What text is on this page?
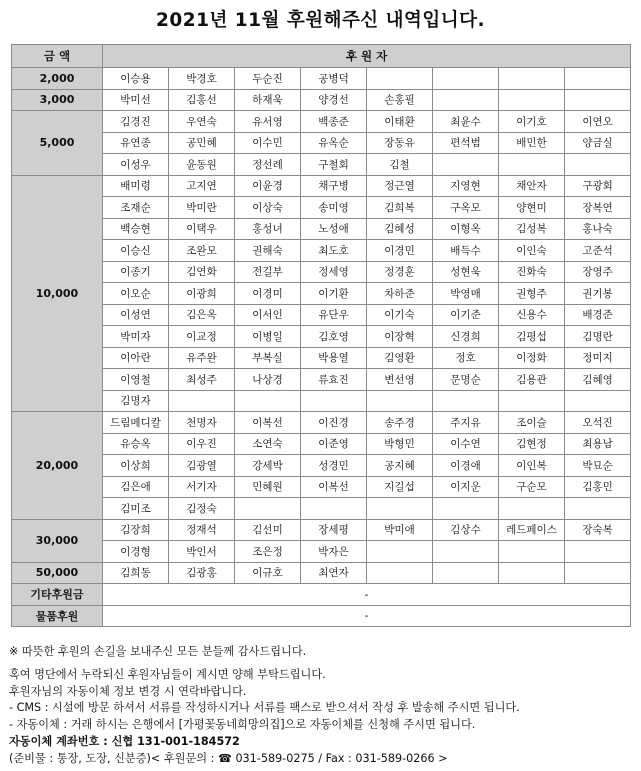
2021년 11월 후원해주신 내역입니다.
금 액	후 원 자							
2,000	이승용	박경호	두순진	공병덕				
3,000	박미선	김홍선	하재욱	양경선	손홍필			
5,000	김경진	우연숙	유서영	백종준	이태환	최윤수	이기호	이연오
	유연종	공민혜	이수민	유옥순	장동유	편석범	배민한	양금실
	이성우	윤동원	정선례	구철회	김철			
10,000	배미령	고지연	이윤경	채구병	정근열	지영현	채안자	구광회
	조재순	박미란	이상숙	송미영	김희복	구옥모	양현미	장복연
	백승현	이택우	홍성녀	노성애	김혜성	이형옥	김성복	홍나숙
	이승신	조완모	권해숙	최도호	이경민	배득수	이인숙	고준석
	이종기	김연화	전길부	정세영	정경훈	성현욱	진화숙	장영주
	이오순	이광희	이경미	이기환	차하준	박영매	권형주	권기봉
	이성연	김은옥	이서인	유단우	이기숙	이기준	신용수	배경준
	박미자	이교정	이병일	김호영	이장혁	신경희	김평섭	김명란
	이아란	유주완	부복실	박용열	김영환	정호	이정화	정미지
	이영철	최성주	나상경	류효진	변선영	문명순	김용관	김혜영
	김명자							
20,000	드림메디칼	천명자	이복선	이진경	송주경	주지유	조이슬	오석진
	유승옥	이우진	소연숙	이준영	박형민	이수연	김현정	최용남
	이상희	김광열	강세박	성경민	공지혜	이경애	이인복	박묘순
	김은애	서기자	민혜원	이복선	지길섭	이지운	구순모	김홍민
	김미조	김정숙						
30,000	김장희	정재석	김선미	장세평	박미애	김상수	레드페이스	장숙복
	이경형	박인서	조은정	박자은				
50,000	김희동	김광홍	이규호	최연자				
기타후원금	-							
물품후원	-							
※ 따뜻한 후원의 손길을 보내주신 모든 분들께 감사드립니다.
혹여 명단에서 누락되신 후원자님들이 계시면 양해 부탁드립니다.
후원자님의 자동이체 정보 변경 시 연락바랍니다.
- CMS : 시설에 방문 하셔서 서류를 작성하시거나 서류를 팩스로 받으셔서 작성 후 발송해 주시면 됩니다.
- 자동이체 : 거래 하시는 은행에서 [가평꽃동네희망의집]으로 자동이체를 신청해 주시면 됩니다.
자동이체 계좌번호 : 신협 131-001-184572
(준비물 : 통장, 도장, 신분증)< 후원문의 : ☎ 031-589-0275 / Fax : 031-589-0266 >
